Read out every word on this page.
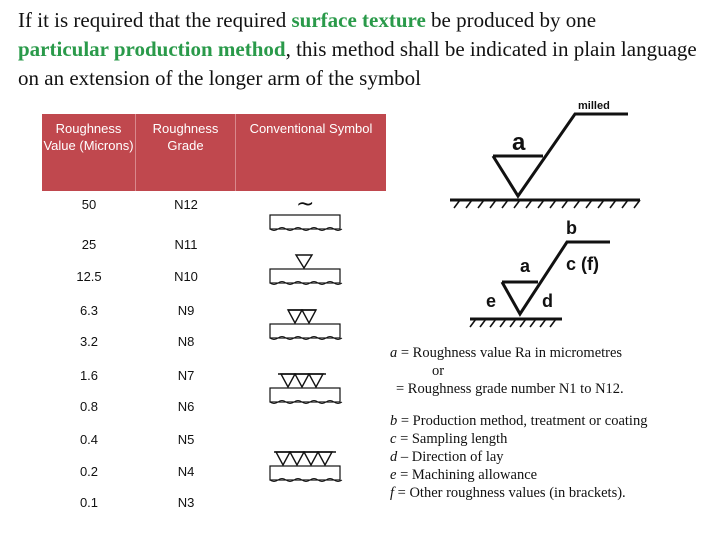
If it is required that the required surface texture be produced by one
particular production method, this method shall be indicated in plain language on an extension of the longer arm of the symbol
Roughness Value (Microns)
Roughness Grade
Conventional Symbol
50	N12
25	N11
12.5	N10
6.3	N9
3.2	N8
1.6	N7
0.8	N6
0.4	N5
0.2	N4
0.1	N3
~
milled
a
a
b
c (f)
d
e
a = Roughness value Ra in micrometres
or
= Roughness grade number N1 to N12.
b = Production method, treatment or coating
c = Sampling length
d – Direction of lay
e = Machining allowance
f = Other roughness values (in brackets).
